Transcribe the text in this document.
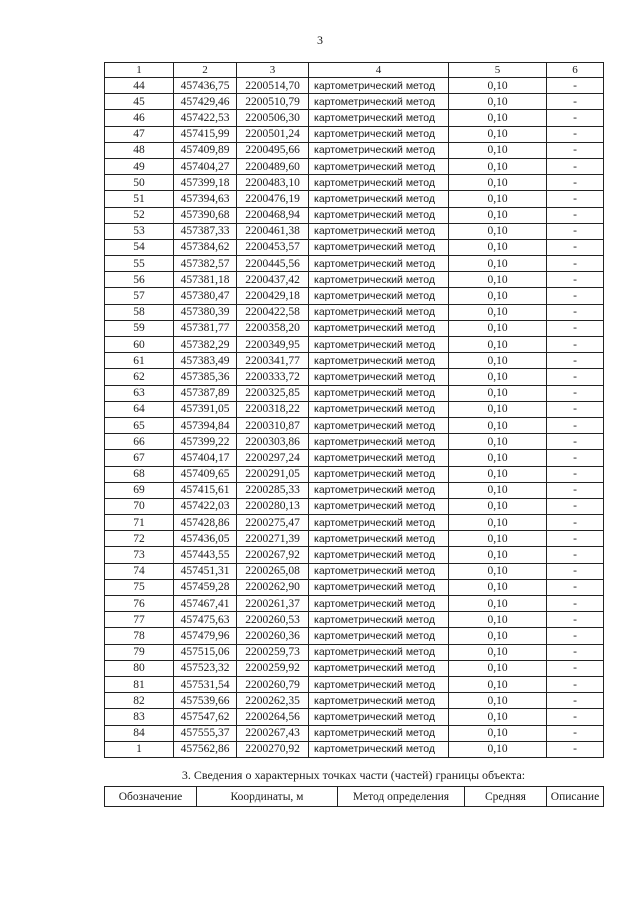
3
1	2	3	4	5	6
44	457436,75	2200514,70	картометрический метод	0,10	-
45	457429,46	2200510,79	картометрический метод	0,10	-
46	457422,53	2200506,30	картометрический метод	0,10	-
47	457415,99	2200501,24	картометрический метод	0,10	-
48	457409,89	2200495,66	картометрический метод	0,10	-
49	457404,27	2200489,60	картометрический метод	0,10	-
50	457399,18	2200483,10	картометрический метод	0,10	-
51	457394,63	2200476,19	картометрический метод	0,10	-
52	457390,68	2200468,94	картометрический метод	0,10	-
53	457387,33	2200461,38	картометрический метод	0,10	-
54	457384,62	2200453,57	картометрический метод	0,10	-
55	457382,57	2200445,56	картометрический метод	0,10	-
56	457381,18	2200437,42	картометрический метод	0,10	-
57	457380,47	2200429,18	картометрический метод	0,10	-
58	457380,39	2200422,58	картометрический метод	0,10	-
59	457381,77	2200358,20	картометрический метод	0,10	-
60	457382,29	2200349,95	картометрический метод	0,10	-
61	457383,49	2200341,77	картометрический метод	0,10	-
62	457385,36	2200333,72	картометрический метод	0,10	-
63	457387,89	2200325,85	картометрический метод	0,10	-
64	457391,05	2200318,22	картометрический метод	0,10	-
65	457394,84	2200310,87	картометрический метод	0,10	-
66	457399,22	2200303,86	картометрический метод	0,10	-
67	457404,17	2200297,24	картометрический метод	0,10	-
68	457409,65	2200291,05	картометрический метод	0,10	-
69	457415,61	2200285,33	картометрический метод	0,10	-
70	457422,03	2200280,13	картометрический метод	0,10	-
71	457428,86	2200275,47	картометрический метод	0,10	-
72	457436,05	2200271,39	картометрический метод	0,10	-
73	457443,55	2200267,92	картометрический метод	0,10	-
74	457451,31	2200265,08	картометрический метод	0,10	-
75	457459,28	2200262,90	картометрический метод	0,10	-
76	457467,41	2200261,37	картометрический метод	0,10	-
77	457475,63	2200260,53	картометрический метод	0,10	-
78	457479,96	2200260,36	картометрический метод	0,10	-
79	457515,06	2200259,73	картометрический метод	0,10	-
80	457523,32	2200259,92	картометрический метод	0,10	-
81	457531,54	2200260,79	картометрический метод	0,10	-
82	457539,66	2200262,35	картометрический метод	0,10	-
83	457547,62	2200264,56	картометрический метод	0,10	-
84	457555,37	2200267,43	картометрический метод	0,10	-
1	457562,86	2200270,92	картометрический метод	0,10	-
3. Сведения о характерных точках части (частей) границы объекта:
Обозначение	Координаты, м	Метод определения	Средняя	Описание
